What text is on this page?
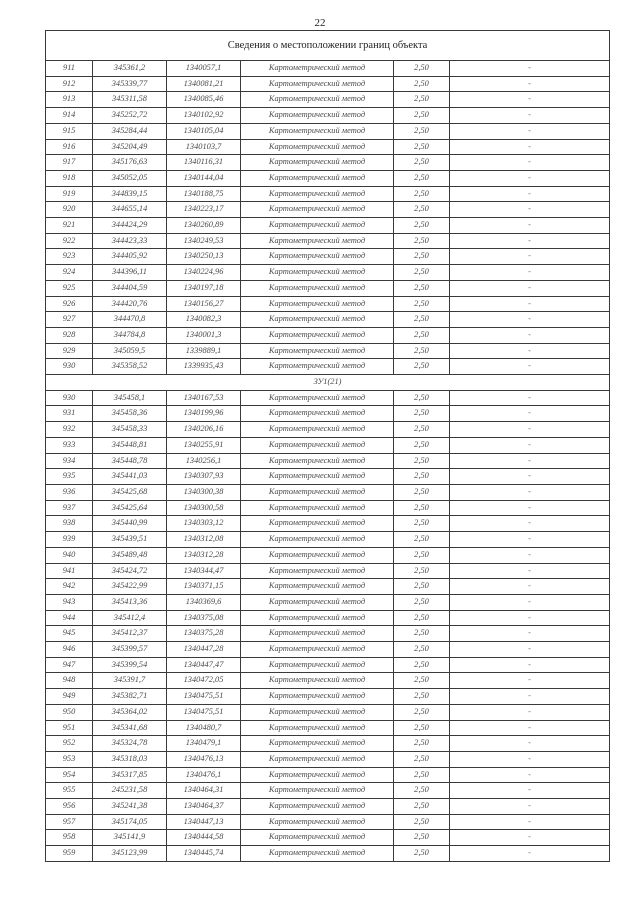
22
Сведения о местоположении границ объекта					
911	345361,2	1340057,1	Картометрический метод	2,50	-
912	345339,77	1340081,21	Картометрический метод	2,50	-
913	345311,58	1340085,46	Картометрический метод	2,50	-
914	345252,72	1340102,92	Картометрический метод	2,50	-
915	345284,44	1340105,04	Картометрический метод	2,50	-
916	345204,49	1340103,7	Картометрический метод	2,50	-
917	345176,63	1340116,31	Картометрический метод	2,50	-
918	345052,05	1340144,04	Картометрический метод	2,50	-
919	344839,15	1340188,75	Картометрический метод	2,50	-
920	344655,14	1340223,17	Картометрический метод	2,50	-
921	344424,29	1340260,89	Картометрический метод	2,50	-
922	344423,33	1340249,53	Картометрический метод	2,50	-
923	344405,92	1340250,13	Картометрический метод	2,50	-
924	344396,11	1340224,96	Картометрический метод	2,50	-
925	344404,59	1340197,18	Картометрический метод	2,50	-
926	344420,76	1340156,27	Картометрический метод	2,50	-
927	344470,8	1340082,3	Картометрический метод	2,50	-
928	344784,8	1340001,3	Картометрический метод	2,50	-
929	345059,5	1339889,1	Картометрический метод	2,50	-
930	345358,52	1339935,43	Картометрический метод	2,50	-
ЗУ1(21)					
930	345458,1	1340167,53	Картометрический метод	2,50	-
931	345458,36	1340199,96	Картометрический метод	2,50	-
932	345458,33	1340206,16	Картометрический метод	2,50	-
933	345448,81	1340255,91	Картометрический метод	2,50	-
934	345448,78	1340256,1	Картометрический метод	2,50	-
935	345441,03	1340307,93	Картометрический метод	2,50	-
936	345425,68	1340300,38	Картометрический метод	2,50	-
937	345425,64	1340300,58	Картометрический метод	2,50	-
938	345440,99	1340303,12	Картометрический метод	2,50	-
939	345439,51	1340312,08	Картометрический метод	2,50	-
940	345489,48	1340312,28	Картометрический метод	2,50	-
941	345424,72	1340344,47	Картометрический метод	2,50	-
942	345422,99	1340371,15	Картометрический метод	2,50	-
943	345413,36	1340369,6	Картометрический метод	2,50	-
944	345412,4	1340375,08	Картометрический метод	2,50	-
945	345412,37	1340375,28	Картометрический метод	2,50	-
946	345399,57	1340447,28	Картометрический метод	2,50	-
947	345399,54	1340447,47	Картометрический метод	2,50	-
948	345391,7	1340472,05	Картометрический метод	2,50	-
949	345382,71	1340475,51	Картометрический метод	2,50	-
950	345364,02	1340475,51	Картометрический метод	2,50	-
951	345341,68	1340480,7	Картометрический метод	2,50	-
952	345324,78	1340479,1	Картометрический метод	2,50	-
953	345318,03	1340476,13	Картометрический метод	2,50	-
954	345317,85	1340476,1	Картометрический метод	2,50	-
955	245231,58	1340464,31	Картометрический метод	2,50	-
956	345241,38	1340464,37	Картометрический метод	2,50	-
957	345174,05	1340447,13	Картометрический метод	2,50	-
958	345141,9	1340444,58	Картометрический метод	2,50	-
959	345123,99	1340445,74	Картометрический метод	2,50	-
